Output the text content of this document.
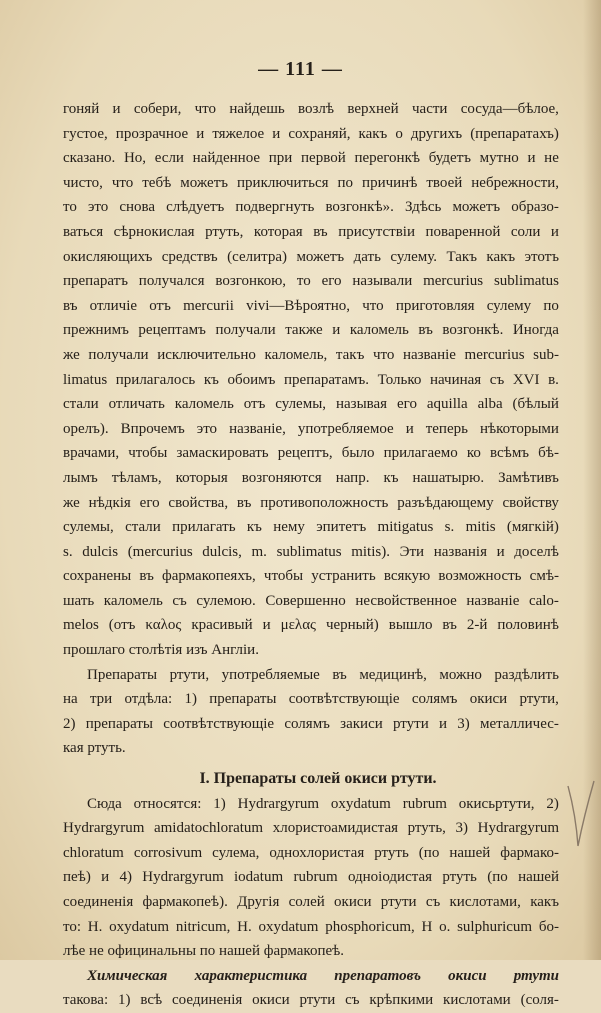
— 111 —
гоняй и собери, что найдешь возлѣ верхней части сосуда—бѣлое,
густое, прозрачное и тяжелое и сохраняй, какъ о другихъ (препаратахъ)
сказано. Но, если найденное при первой перегонкѣ будетъ мутно и не
чисто, что тебѣ можетъ приключиться по причинѣ твоей небрежности,
то это снова слѣдуетъ подвергнуть возгонкѣ». Здѣсь можетъ образо-
ваться сѣрнокислая ртуть, которая въ присутствіи поваренной соли и
окисляющихъ средствъ (селитра) можетъ дать сулему. Такъ какъ этотъ
препаратъ получался возгонкою, то его называли mercurius sublimatus
въ отличіе отъ mercurii vivi—Вѣроятно, что приготовляя сулему по
прежнимъ рецептамъ получали также и каломель въ возгонкѣ. Иногда
же получали исключительно каломель, такъ что названіе mercurius sub-
limatus прилагалось къ обоимъ препаратамъ. Только начиная съ XVI в.
стали отличать каломель отъ сулемы, называя его aquilla alba (бѣлый
орелъ). Впрочемъ это названіе, употребляемое и теперь нѣкоторыми
врачами, чтобы замаскировать рецептъ, было прилагаемо ко всѣмъ бѣ-
лымъ тѣламъ, которыя возгоняются напр. къ нашатырю. Замѣтивъ
же нѣдкія его свойства, въ противоположность разъѣдающему свойству
сулемы, стали прилагать къ нему эпитетъ mitigatus s. mitis (мягкій)
s. dulcis (mercurius dulcis, m. sublimatus mitis). Эти названія и доселѣ
сохранены въ фармакопеяхъ, чтобы устранить всякую возможность смѣ-
шать каломель съ сулемою. Совершенно несвойственное названіе calo-
melos (отъ καλος красивый и μελας черный) вышло въ 2-й половинѣ
прошлаго столѣтія изъ Англіи.
Препараты ртути, употребляемые въ медицинѣ, можно раздѣлить
на три отдѣла: 1) препараты соотвѣтствующіе солямъ окиси ртути,
2) препараты соотвѣтствующіе солямъ закиси ртути и 3) металличес-
кая ртуть.
I. Препараты солей окиси ртути.
Сюда относятся: 1) Hydrargyrum oxydatum rubrum окисьртути, 2)
Hydrargyrum amidatochloratum хлористоамидистая ртуть, 3) Hydrargyrum
chloratum corrosivum сулема, однохлористая ртуть (по нашей фармако-
пеѣ) и 4) Hydrargyrum iodatum rubrum одноіодистая ртуть (по нашей
соединенія фармакопеѣ). Другія солей окиси ртути съ кислотами, какъ
то: H. oxydatum nitricum, H. oxydatum phosphoricum, H o. sulphuricum бо-
лѣе не официнальны по нашей фармакопеѣ.
Химическая характеристика препаратовъ окиси ртути
такова: 1) всѣ соединенія окиси ртути съ крѣпкими кислотами (соля-
